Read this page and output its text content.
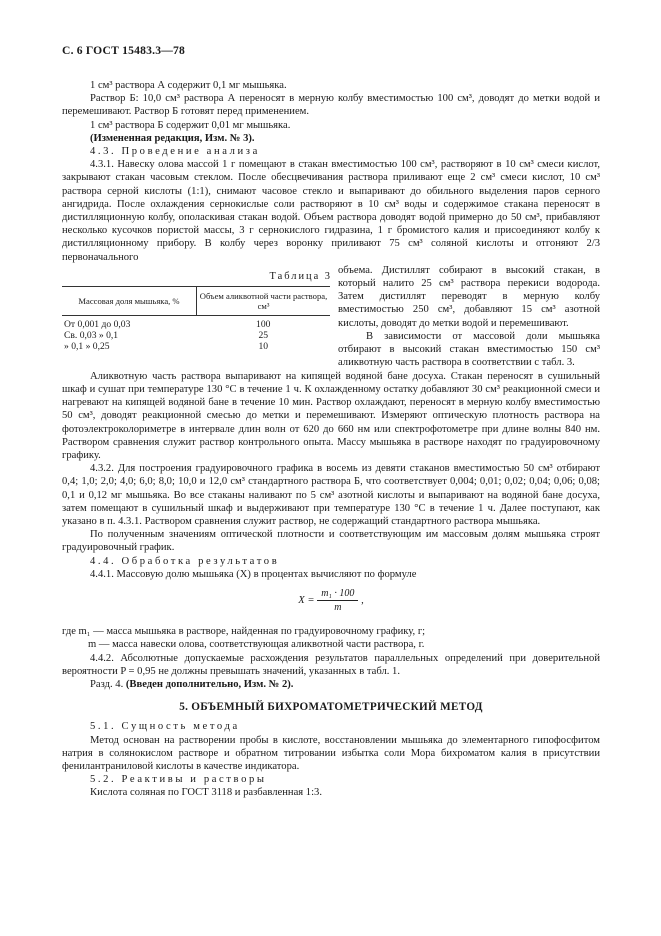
С. 6 ГОСТ 15483.3—78

1 см³ раствора А содержит 0,1 мг мышьяка.

Раствор Б: 10,0 см³ раствора А переносят в мерную колбу вместимостью 100 см³, доводят до метки водой и перемешивают. Раствор Б готовят перед применением.

1 см³ раствора Б содержит 0,01 мг мышьяка.

(Измененная редакция, Изм. № 3).

4.3. Проведение анализа

4.3.1. Навеску олова массой 1 г помещают в стакан вместимостью 100 см³, растворяют в 10 см³ смеси кислот, закрывают стакан часовым стеклом. После обесцвечивания раствора приливают еще 2 см³ смеси кислот, 10 см³ раствора серной кислоты (1:1), снимают часовое стекло и выпаривают до обильного выделения паров серного ангидрида. После охлаждения сернокислые соли растворяют в 10 см³ воды и содержимое стакана переносят в дистилляционную колбу, ополаскивая стакан водой. Объем раствора доводят водой примерно до 50 см³, прибавляют несколько кусочков пористой массы, 3 г сернокислого гидразина, 1 г бромистого калия и присоединяют колбу к дистилляционному прибору. В колбу через воронку приливают 75 см³ соляной кислоты и отгоняют 2/3 первоначального

Таблица 3
Массовая доля мышьяка, %	Объем аликвотной части раствора, см³
От 0,001 до 0,03	100
Св. 0,03 » 0,1	25
» 0,1 » 0,25	10

объема. Дистиллят собирают в высокий стакан, в который налито 25 см³ раствора перекиси водорода. Затем дистиллят переводят в мерную колбу вместимостью 250 см³, добавляют 15 см³ азотной кислоты, доводят до метки водой и перемешивают.

В зависимости от массовой доли мышьяка отбирают в высокий стакан вместимостью 150 см³ аликвотную часть раствора в соответствии с табл. 3.

Аликвотную часть раствора выпаривают на кипящей водяной бане досуха. Стакан переносят в сушильный шкаф и сушат при температуре 130 °С в течение 1 ч. К охлажденному остатку добавляют 30 см³ реакционной смеси и нагревают на кипящей водяной бане в течение 10 мин. Раствор охлаждают, переносят в мерную колбу вместимостью 50 см³, доводят реакционной смесью до метки и перемешивают. Измеряют оптическую плотность раствора на фотоэлектроколориметре в интервале длин волн от 620 до 660 нм или спектрофотометре при длине волны 840 нм. Раствором сравнения служит раствор контрольного опыта. Массу мышьяка в растворе находят по градуировочному графику.

4.3.2. Для построения градуировочного графика в восемь из девяти стаканов вместимостью 50 см³ отбирают 0,4; 1,0; 2,0; 4,0; 6,0; 8,0; 10,0 и 12,0 см³ стандартного раствора Б, что соответствует 0,004; 0,01; 0,02; 0,04; 0,06; 0,08; 0,1 и 0,12 мг мышьяка. Во все стаканы наливают по 5 см³ азотной кислоты и выпаривают на водяной бане досуха, затем помещают в сушильный шкаф и выдерживают при температуре 130 °С в течение 1 ч. Далее поступают, как указано в п. 4.3.1. Раствором сравнения служит раствор, не содержащий стандартного раствора мышьяка.

По полученным значениям оптической плотности и соответствующим им массовым долям мышьяка строят градуировочный график.

4.4. Обработка результатов

4.4.1. Массовую долю мышьяка (X) в процентах вычисляют по формуле

$X = \frac{\text{m₁ · 100}}{m}$ ,

где m₁ — масса мышьяка в растворе, найденная по градуировочному графику, г;

m — масса навески олова, соответствующая аликвотной части раствора, г.

4.4.2. Абсолютные допускаемые расхождения результатов параллельных определений при доверительной вероятности P = 0,95 не должны превышать значений, указанных в табл. 1.

Разд. 4. (Введен дополнительно, Изм. № 2).

5. ОБЪЕМНЫЙ БИХРОМАТОМЕТРИЧЕСКИЙ МЕТОД

5.1. Сущность метода

Метод основан на растворении пробы в кислоте, восстановлении мышьяка до элементарного гипофосфитом натрия в солянокислом растворе и обратном титровании избытка соли Мора бихроматом калия в присутствии фенилантраниловой кислоты в качестве индикатора.

5.2. Реактивы и растворы

Кислота соляная по ГОСТ 3118 и разбавленная 1:3.
